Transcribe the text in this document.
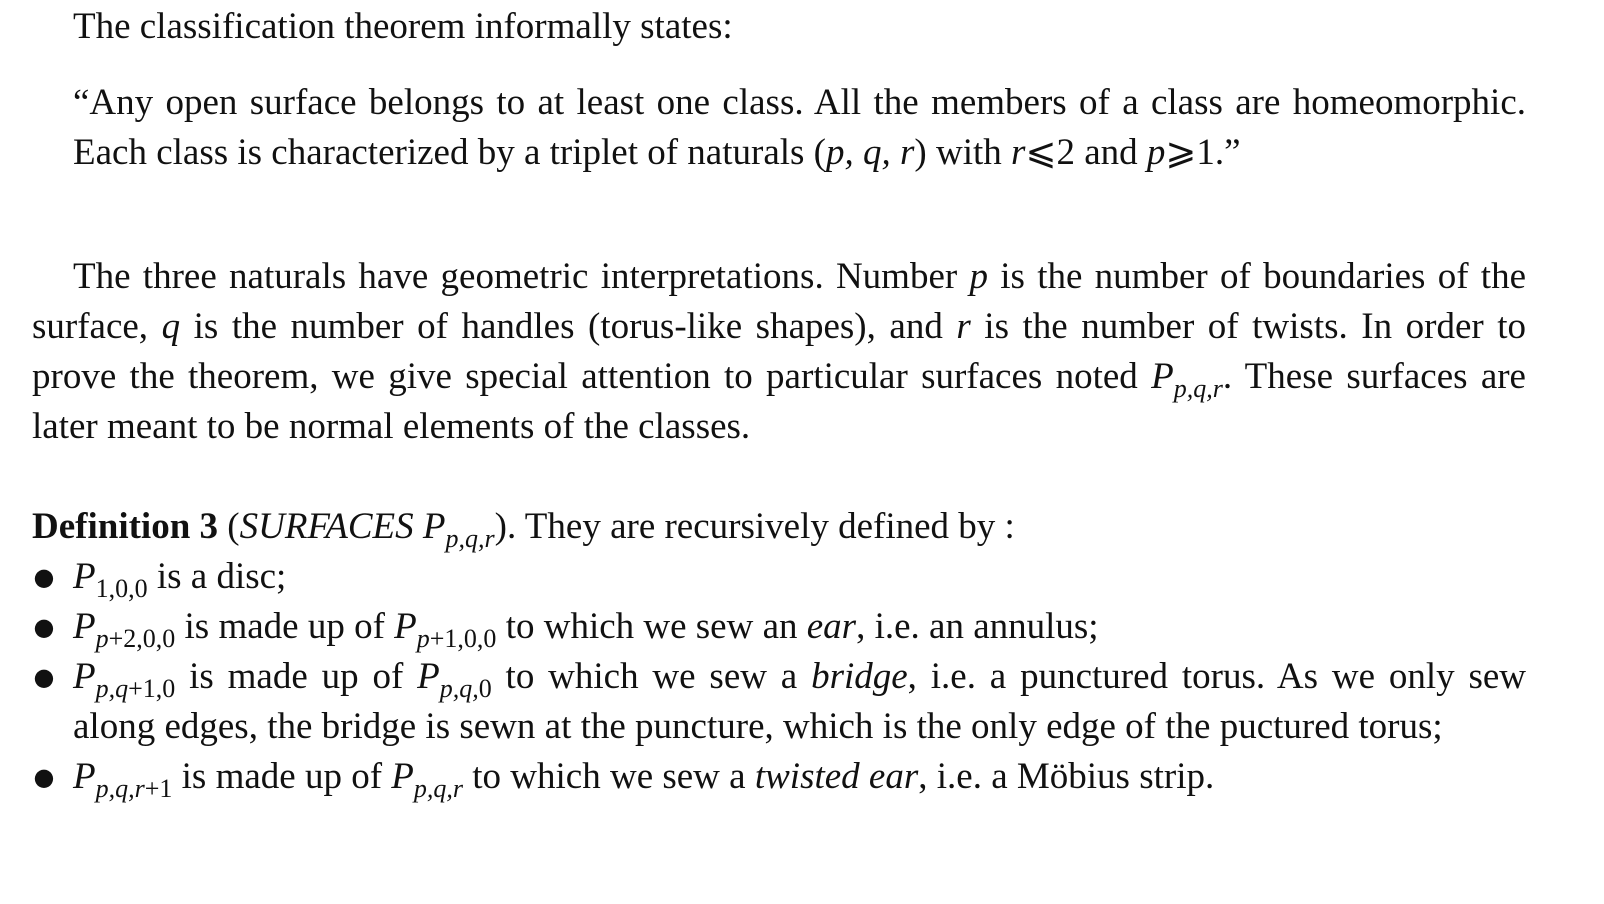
The classification theorem informally states:

“Any open surface belongs to at least one class. All the members of a class are homeomorphic. Each class is characterized by a triplet of naturals (p, q, r) with r⩽2 and p⩾1.”

The three naturals have geometric interpretations. Number p is the number of boundaries of the surface, q is the number of handles (torus-like shapes), and r is the number of twists. In order to prove the theorem, we give special attention to particular surfaces noted $P_{p,q,r}$. These surfaces are later meant to be normal elements of the classes.

Definition 3 (SURFACES $P_{p,q,r}$). They are recursively defined by :

● $P_{1,0,0}$ is a disc;
● $P_{p+2,0,0}$ is made up of $P_{p+1,0,0}$ to which we sew an ear, i.e. an annulus;
● $P_{p,q+1,0}$ is made up of $P_{p,q,0}$ to which we sew a bridge, i.e. a punctured torus. As we only sew along edges, the bridge is sewn at the puncture, which is the only edge of the puctured torus;
● $P_{p,q,r+1}$ is made up of $P_{p,q,r}$ to which we sew a twisted ear, i.e. a Möbius strip.
